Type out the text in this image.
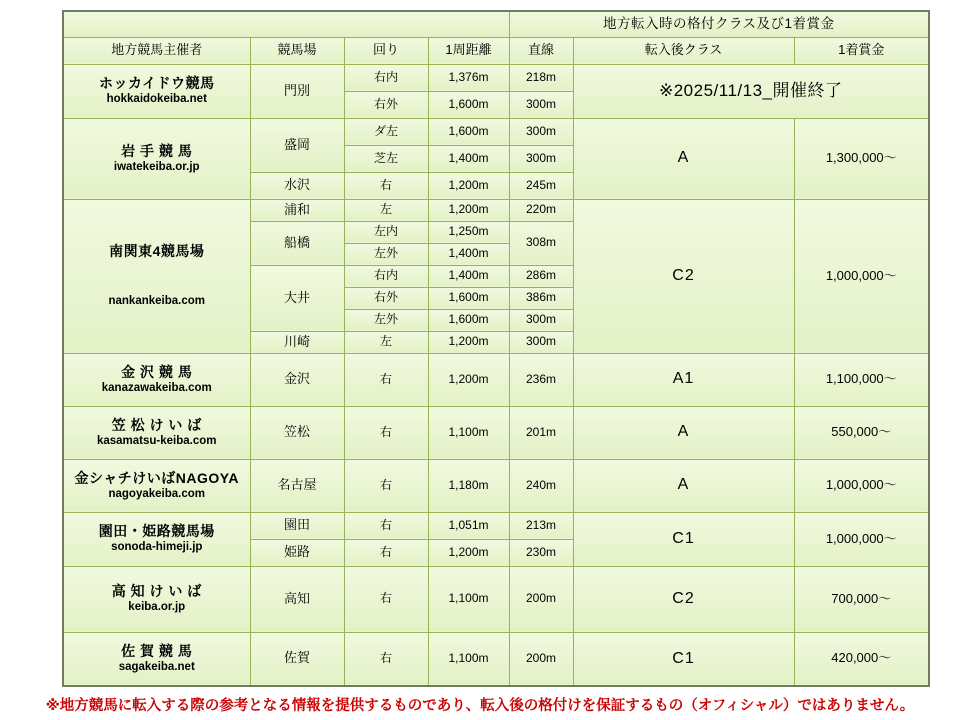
				地方転入時の格付クラス及び1着賞金		
地方競馬主催者	競馬場	回り	1周距離	直線	転入後クラス	1着賞金

ホッカイドウ競馬
hokkaidokeiba.net	門別	右内	1,376m	218m	※2025/11/13_開催終了	
		右外	1,600m	300m		

岩 手 競 馬
iwatekeiba.or.jp	盛岡	ダ左	1,600m	300m	A	1,300,000～
		芝左	1,400m	300m		
	水沢	右	1,200m	245m		

南関東4競馬場
nankankeiba.com	浦和	左	1,200m	220m	C2	1,000,000～
	船橋	左内	1,250m	308m		
		左外	1,400m			
	大井	右内	1,400m	286m		
		右外	1,600m	386m		
		左外	1,600m	300m		
	川崎	左	1,200m	300m		

金 沢 競 馬
kanazawakeiba.com	金沢	右	1,200m	236m	A1	1,100,000～

笠 松 け い ば
kasamatsu-keiba.com	笠松	右	1,100m	201m	A	550,000～

金シャチけいばNAGOYA
nagoyakeiba.com	名古屋	右	1,180m	240m	A	1,000,000～

園田・姫路競馬場
sonoda-himeji.jp	園田	右	1,051m	213m	C1	1,000,000～
	姫路	右	1,200m	230m		

高 知 け い ば
keiba.or.jp	高知	右	1,100m	200m	C2	700,000～

佐 賀 競 馬
sagakeiba.net	佐賀	右	1,100m	200m	C1	420,000～
※地方競馬に転入する際の参考となる情報を提供するものであり、転入後の格付けを保証するもの（オフィシャル）ではありません。
